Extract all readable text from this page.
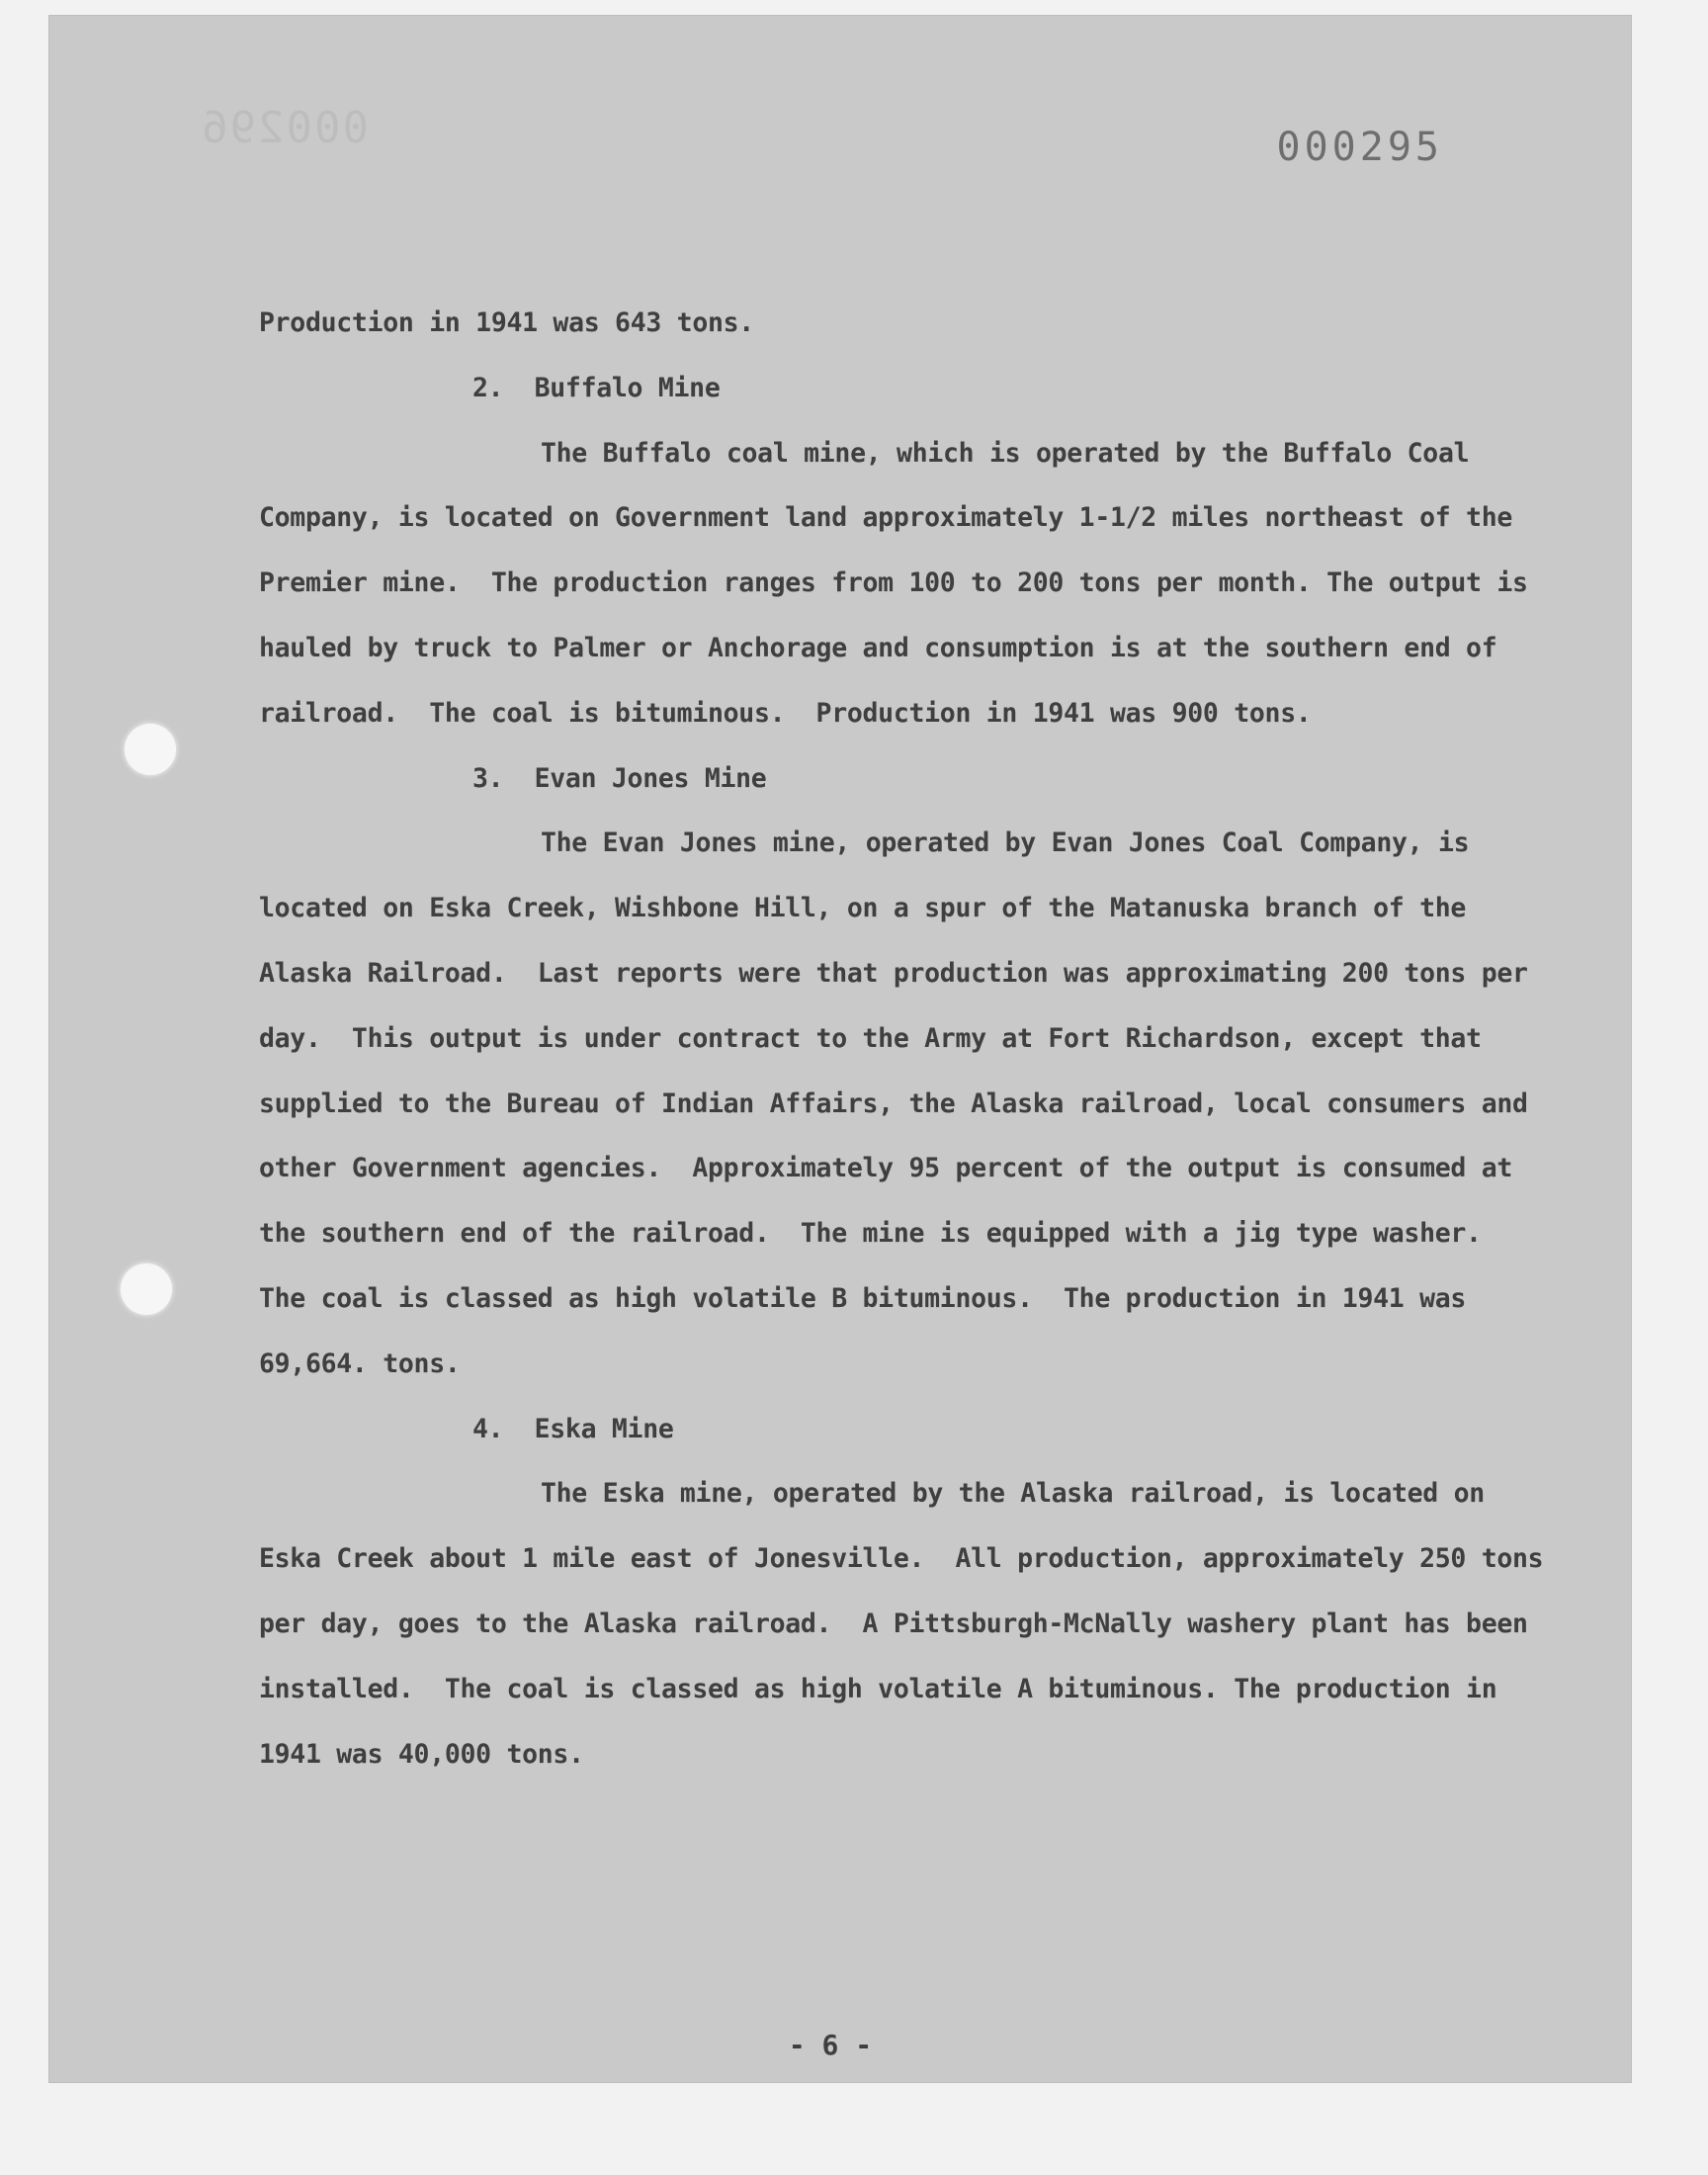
000296	000295

Production in 1941 was 643 tons.

2.  Buffalo Mine

The Buffalo coal mine, which is operated by the Buffalo Coal Company, is located on Government land approximately 1-1/2 miles northeast of the Premier mine.  The production ranges from 100 to 200 tons per month. The output is hauled by truck to Palmer or Anchorage and consumption is at the southern end of railroad.  The coal is bituminous.  Production in 1941 was 900 tons.

3.  Evan Jones Mine

The Evan Jones mine, operated by Evan Jones Coal Company, is located on Eska Creek, Wishbone Hill, on a spur of the Matanuska branch of the Alaska Railroad.  Last reports were that production was approximating 200 tons per day.  This output is under contract to the Army at Fort Richardson, except that supplied to the Bureau of Indian Affairs, the Alaska railroad, local consumers and other Government agencies.  Approximately 95 percent of the output is consumed at the southern end of the railroad.  The mine is equipped with a jig type washer.  The coal is classed as high volatile B bituminous.  The production in 1941 was 69,664. tons.

4.  Eska Mine

The Eska mine, operated by the Alaska railroad, is located on Eska Creek about 1 mile east of Jonesville.  All production, approximately 250 tons per day, goes to the Alaska railroad.  A Pittsburgh-McNally washery plant has been installed.  The coal is classed as high volatile A bituminous. The production in 1941 was 40,000 tons.

- 6 -
